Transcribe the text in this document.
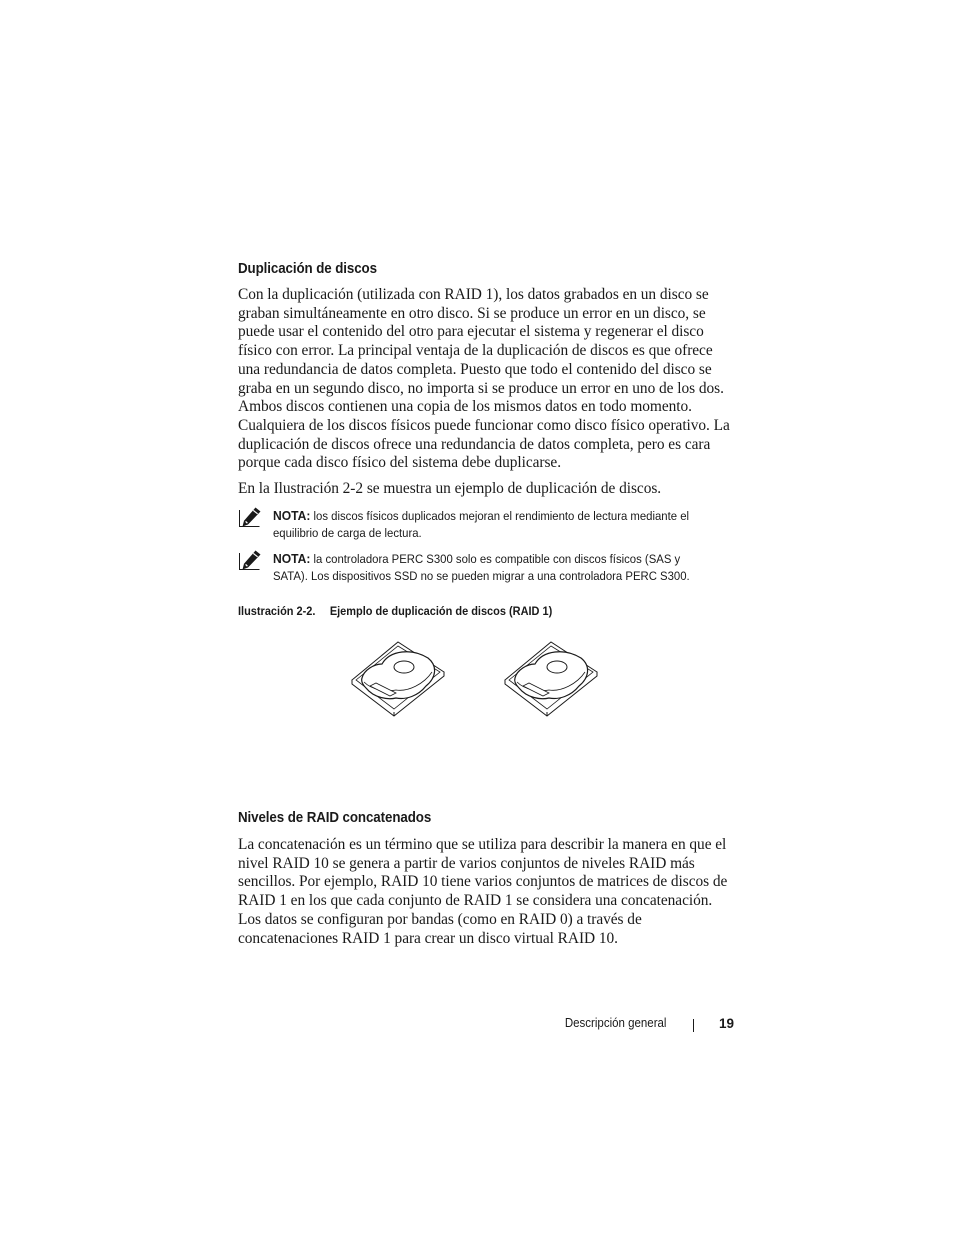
Duplicación de discos

Con la duplicación (utilizada con RAID 1), los datos grabados en un disco se graban simultáneamente en otro disco. Si se produce un error en un disco, se puede usar el contenido del otro para ejecutar el sistema y regenerar el disco físico con error. La principal ventaja de la duplicación de discos es que ofrece una redundancia de datos completa. Puesto que todo el contenido del disco se graba en un segundo disco, no importa si se produce un error en uno de los dos. Ambos discos contienen una copia de los mismos datos en todo momento. Cualquiera de los discos físicos puede funcionar como disco físico operativo. La duplicación de discos ofrece una redundancia de datos completa, pero es cara porque cada disco físico del sistema debe duplicarse.

En la Ilustración 2-2 se muestra un ejemplo de duplicación de discos.

NOTA: los discos físicos duplicados mejoran el rendimiento de lectura mediante el equilibrio de carga de lectura.

NOTA: la controladora PERC S300 solo es compatible con discos físicos (SAS y SATA). Los dispositivos SSD no se pueden migrar a una controladora PERC S300.

Ilustración 2-2. Ejemplo de duplicación de discos (RAID 1)

Niveles de RAID concatenados

La concatenación es un término que se utiliza para describir la manera en que el nivel RAID 10 se genera a partir de varios conjuntos de niveles RAID más sencillos. Por ejemplo, RAID 10 tiene varios conjuntos de matrices de discos de RAID 1 en los que cada conjunto de RAID 1 se considera una concatenación. Los datos se configuran por bandas (como en RAID 0) a través de concatenaciones RAID 1 para crear un disco virtual RAID 10.

Descripción general	19
